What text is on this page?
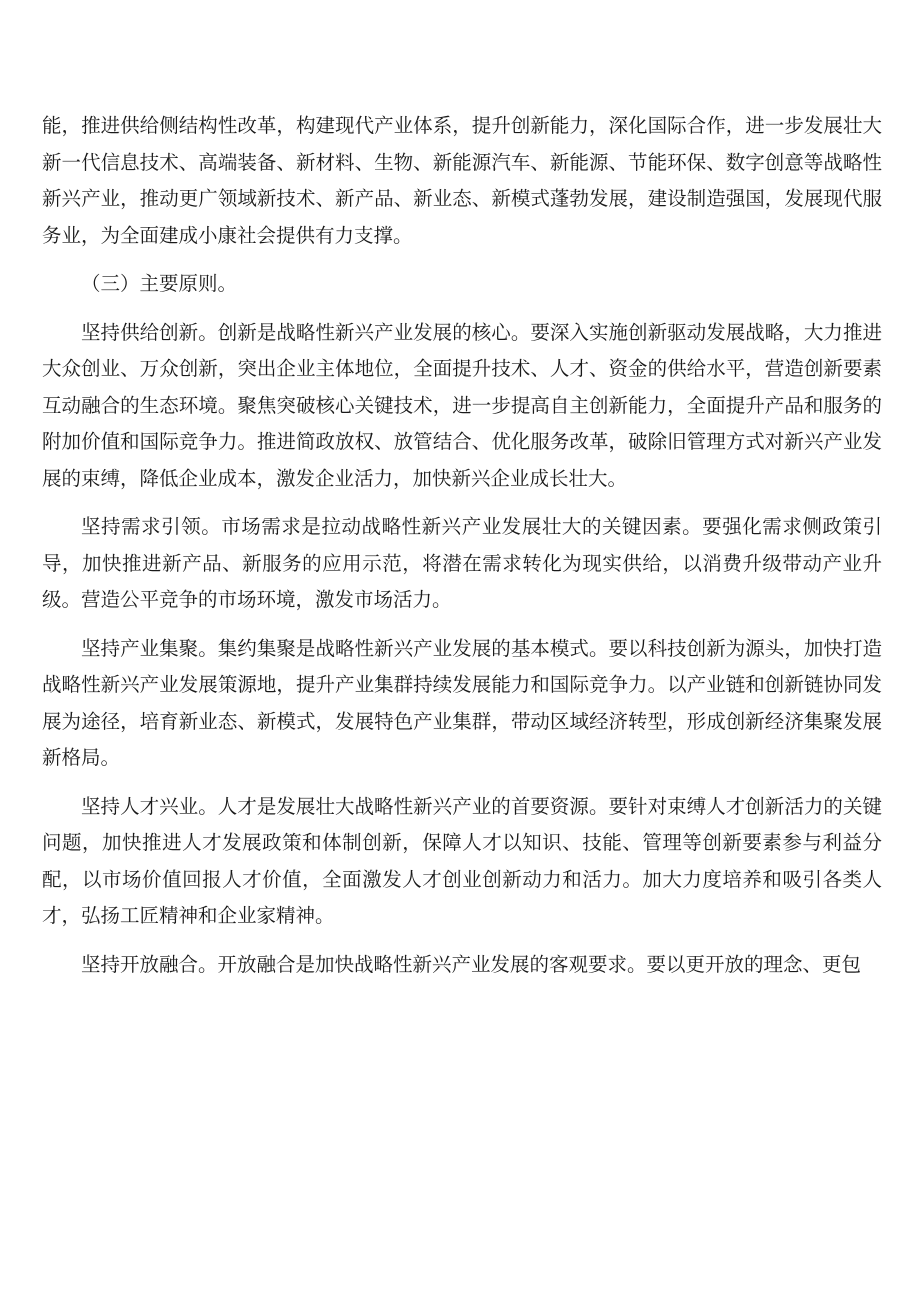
能，推进供给侧结构性改革，构建现代产业体系，提升创新能力，深化国际合作，进一步发展壮大新一代信息技术、高端装备、新材料、生物、新能源汽车、新能源、节能环保、数字创意等战略性新兴产业，推动更广领域新技术、新产品、新业态、新模式蓬勃发展，建设制造强国，发展现代服务业，为全面建成小康社会提供有力支撑。

（三）主要原则。

坚持供给创新。创新是战略性新兴产业发展的核心。要深入实施创新驱动发展战略，大力推进大众创业、万众创新，突出企业主体地位，全面提升技术、人才、资金的供给水平，营造创新要素互动融合的生态环境。聚焦突破核心关键技术，进一步提高自主创新能力，全面提升产品和服务的附加价值和国际竞争力。推进简政放权、放管结合、优化服务改革，破除旧管理方式对新兴产业发展的束缚，降低企业成本，激发企业活力，加快新兴企业成长壮大。

坚持需求引领。市场需求是拉动战略性新兴产业发展壮大的关键因素。要强化需求侧政策引导，加快推进新产品、新服务的应用示范，将潜在需求转化为现实供给，以消费升级带动产业升级。营造公平竞争的市场环境，激发市场活力。

坚持产业集聚。集约集聚是战略性新兴产业发展的基本模式。要以科技创新为源头，加快打造战略性新兴产业发展策源地，提升产业集群持续发展能力和国际竞争力。以产业链和创新链协同发展为途径，培育新业态、新模式，发展特色产业集群，带动区域经济转型，形成创新经济集聚发展新格局。

坚持人才兴业。人才是发展壮大战略性新兴产业的首要资源。要针对束缚人才创新活力的关键问题，加快推进人才发展政策和体制创新，保障人才以知识、技能、管理等创新要素参与利益分配，以市场价值回报人才价值，全面激发人才创业创新动力和活力。加大力度培养和吸引各类人才，弘扬工匠精神和企业家精神。

坚持开放融合。开放融合是加快战略性新兴产业发展的客观要求。要以更开放的理念、更包
